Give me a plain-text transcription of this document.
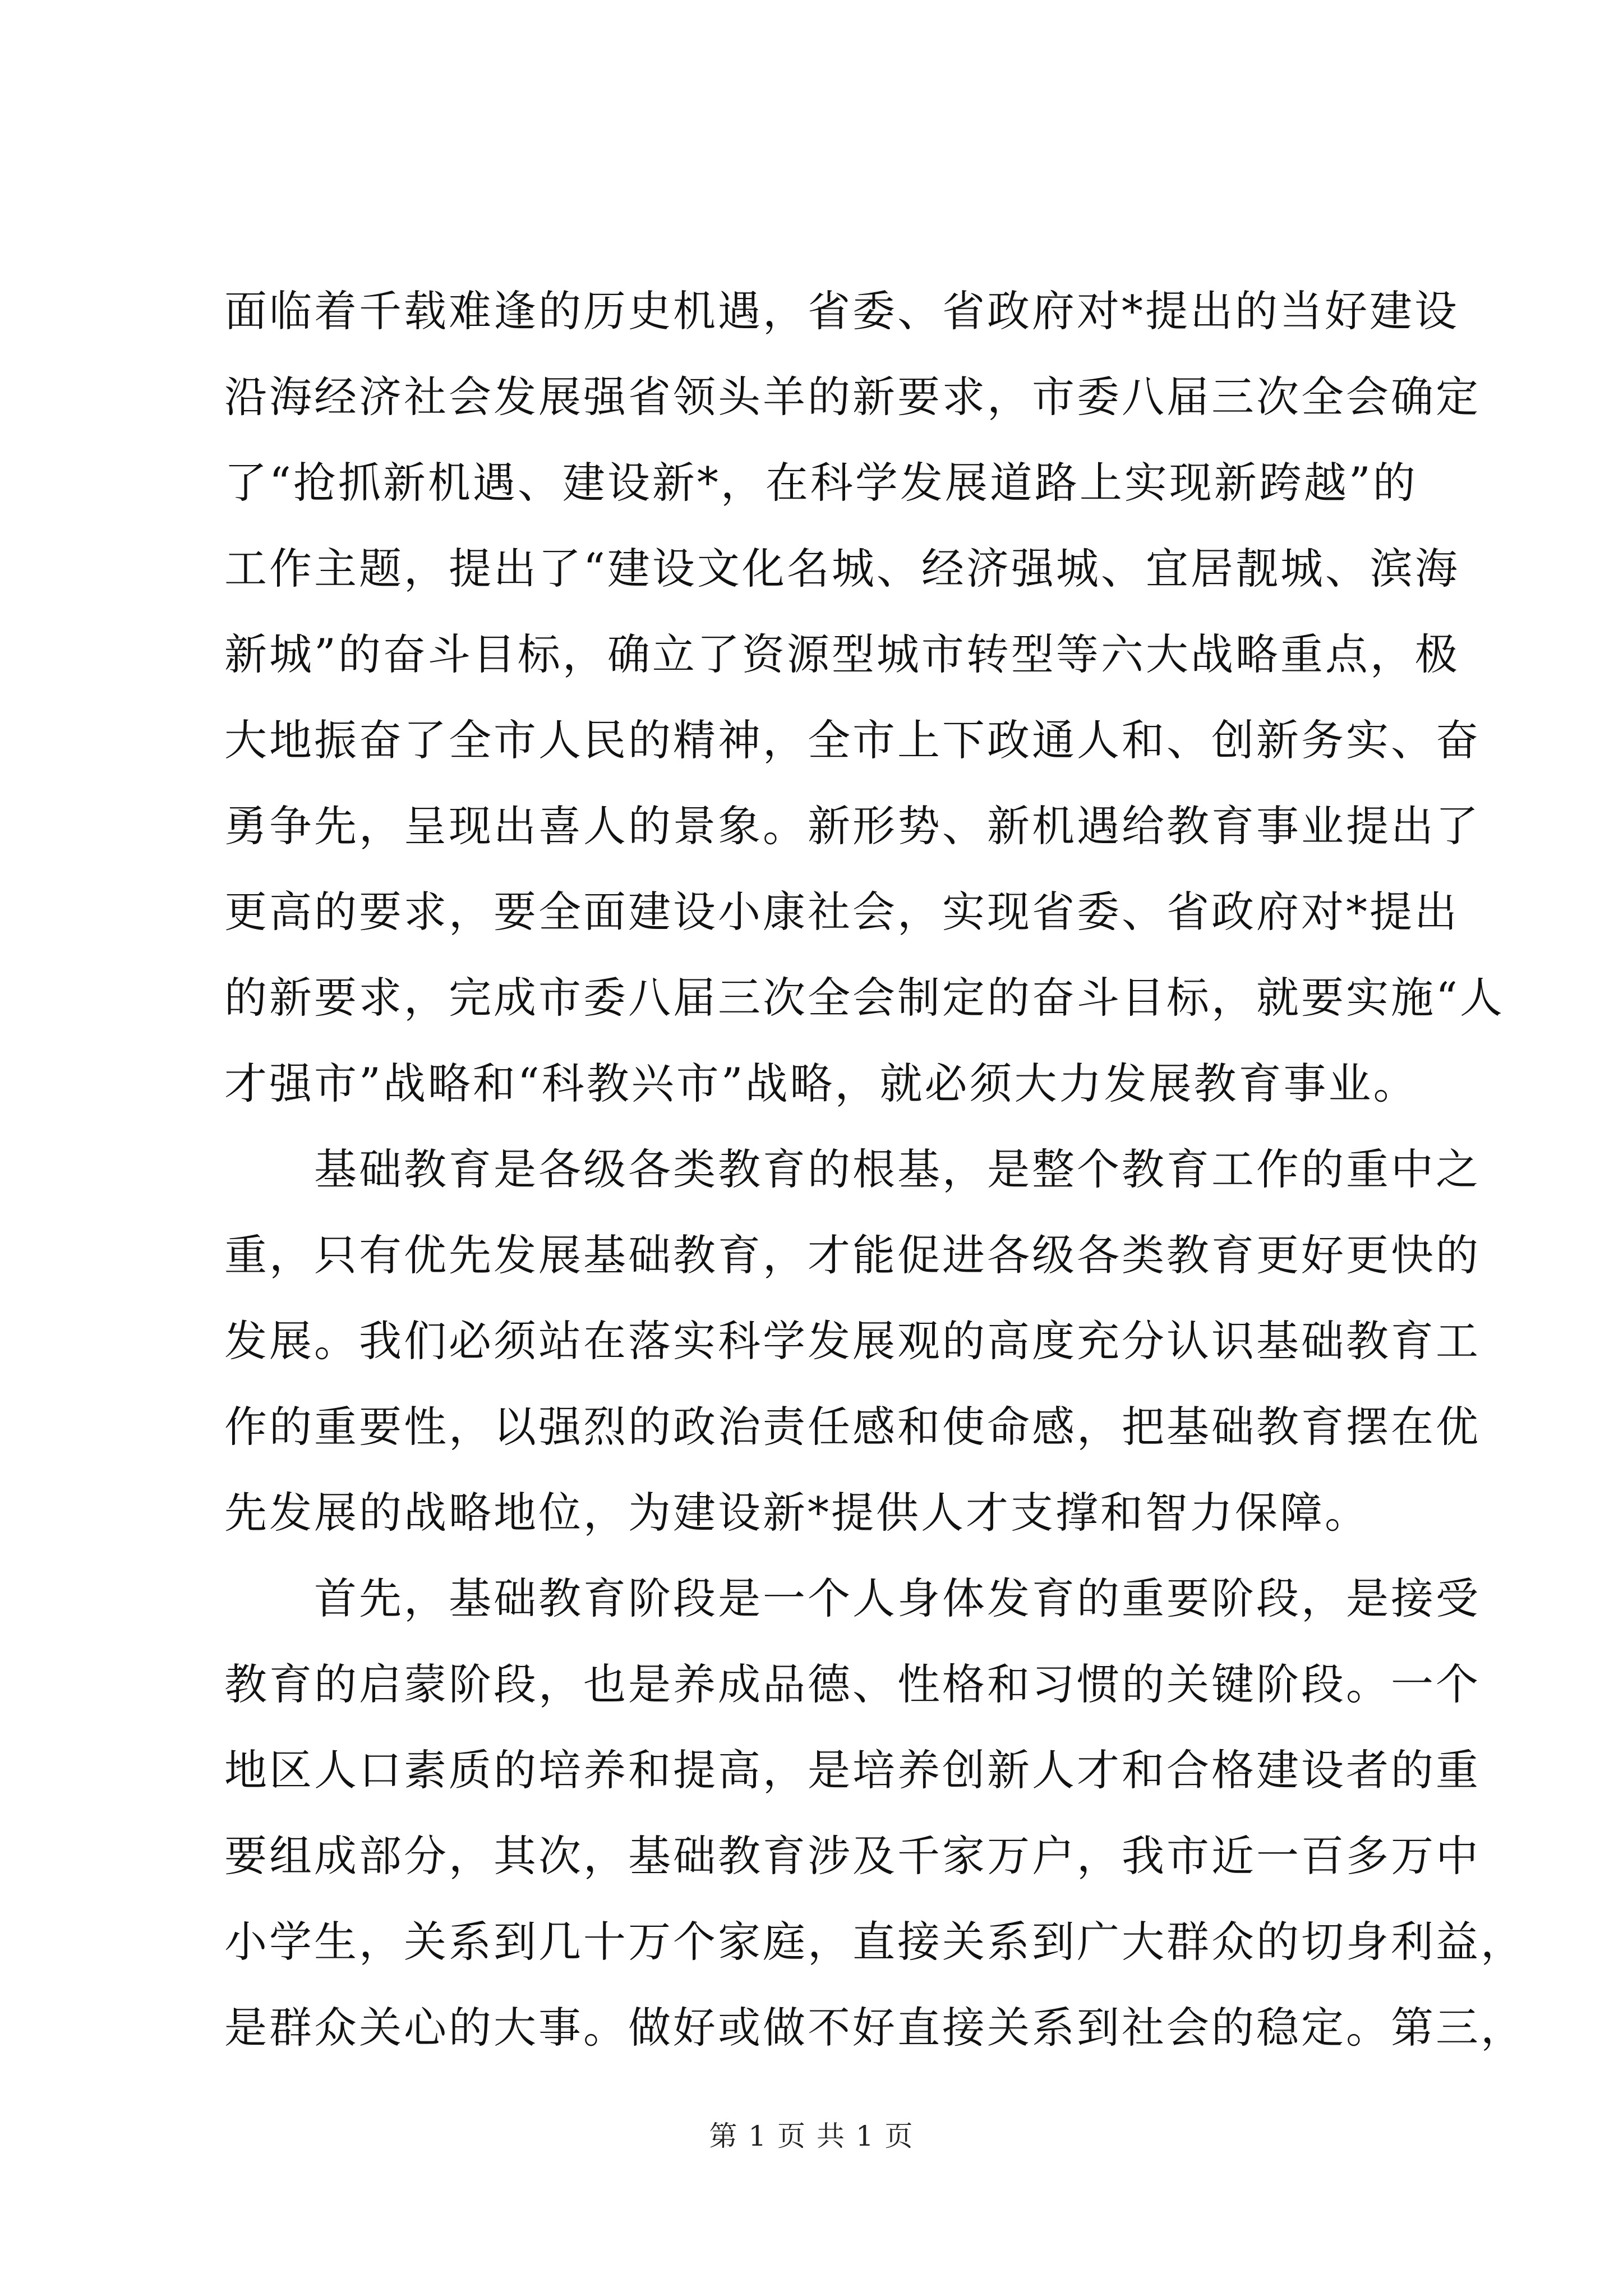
面临着千载难逢的历史机遇，省委、省政府对*提出的当好建设
沿海经济社会发展强省领头羊的新要求，市委八届三次全会确定
了“抢抓新机遇、建设新*，在科学发展道路上实现新跨越”的
工作主题，提出了“建设文化名城、经济强城、宜居靓城、滨海
新城”的奋斗目标，确立了资源型城市转型等六大战略重点，极
大地振奋了全市人民的精神，全市上下政通人和、创新务实、奋
勇争先，呈现出喜人的景象。新形势、新机遇给教育事业提出了
更高的要求，要全面建设小康社会，实现省委、省政府对*提出
的新要求，完成市委八届三次全会制定的奋斗目标，就要实施“人
才强市”战略和“科教兴市”战略，就必须大力发展教育事业。
基础教育是各级各类教育的根基，是整个教育工作的重中之
重，只有优先发展基础教育，才能促进各级各类教育更好更快的
发展。我们必须站在落实科学发展观的高度充分认识基础教育工
作的重要性，以强烈的政治责任感和使命感，把基础教育摆在优
先发展的战略地位，为建设新*提供人才支撑和智力保障。
首先，基础教育阶段是一个人身体发育的重要阶段，是接受
教育的启蒙阶段，也是养成品德、性格和习惯的关键阶段。一个
地区人口素质的培养和提高，是培养创新人才和合格建设者的重
要组成部分，其次，基础教育涉及千家万户，我市近一百多万中
小学生，关系到几十万个家庭，直接关系到广大群众的切身利益，
是群众关心的大事。做好或做不好直接关系到社会的稳定。第三，
第 1 页 共 1 页
